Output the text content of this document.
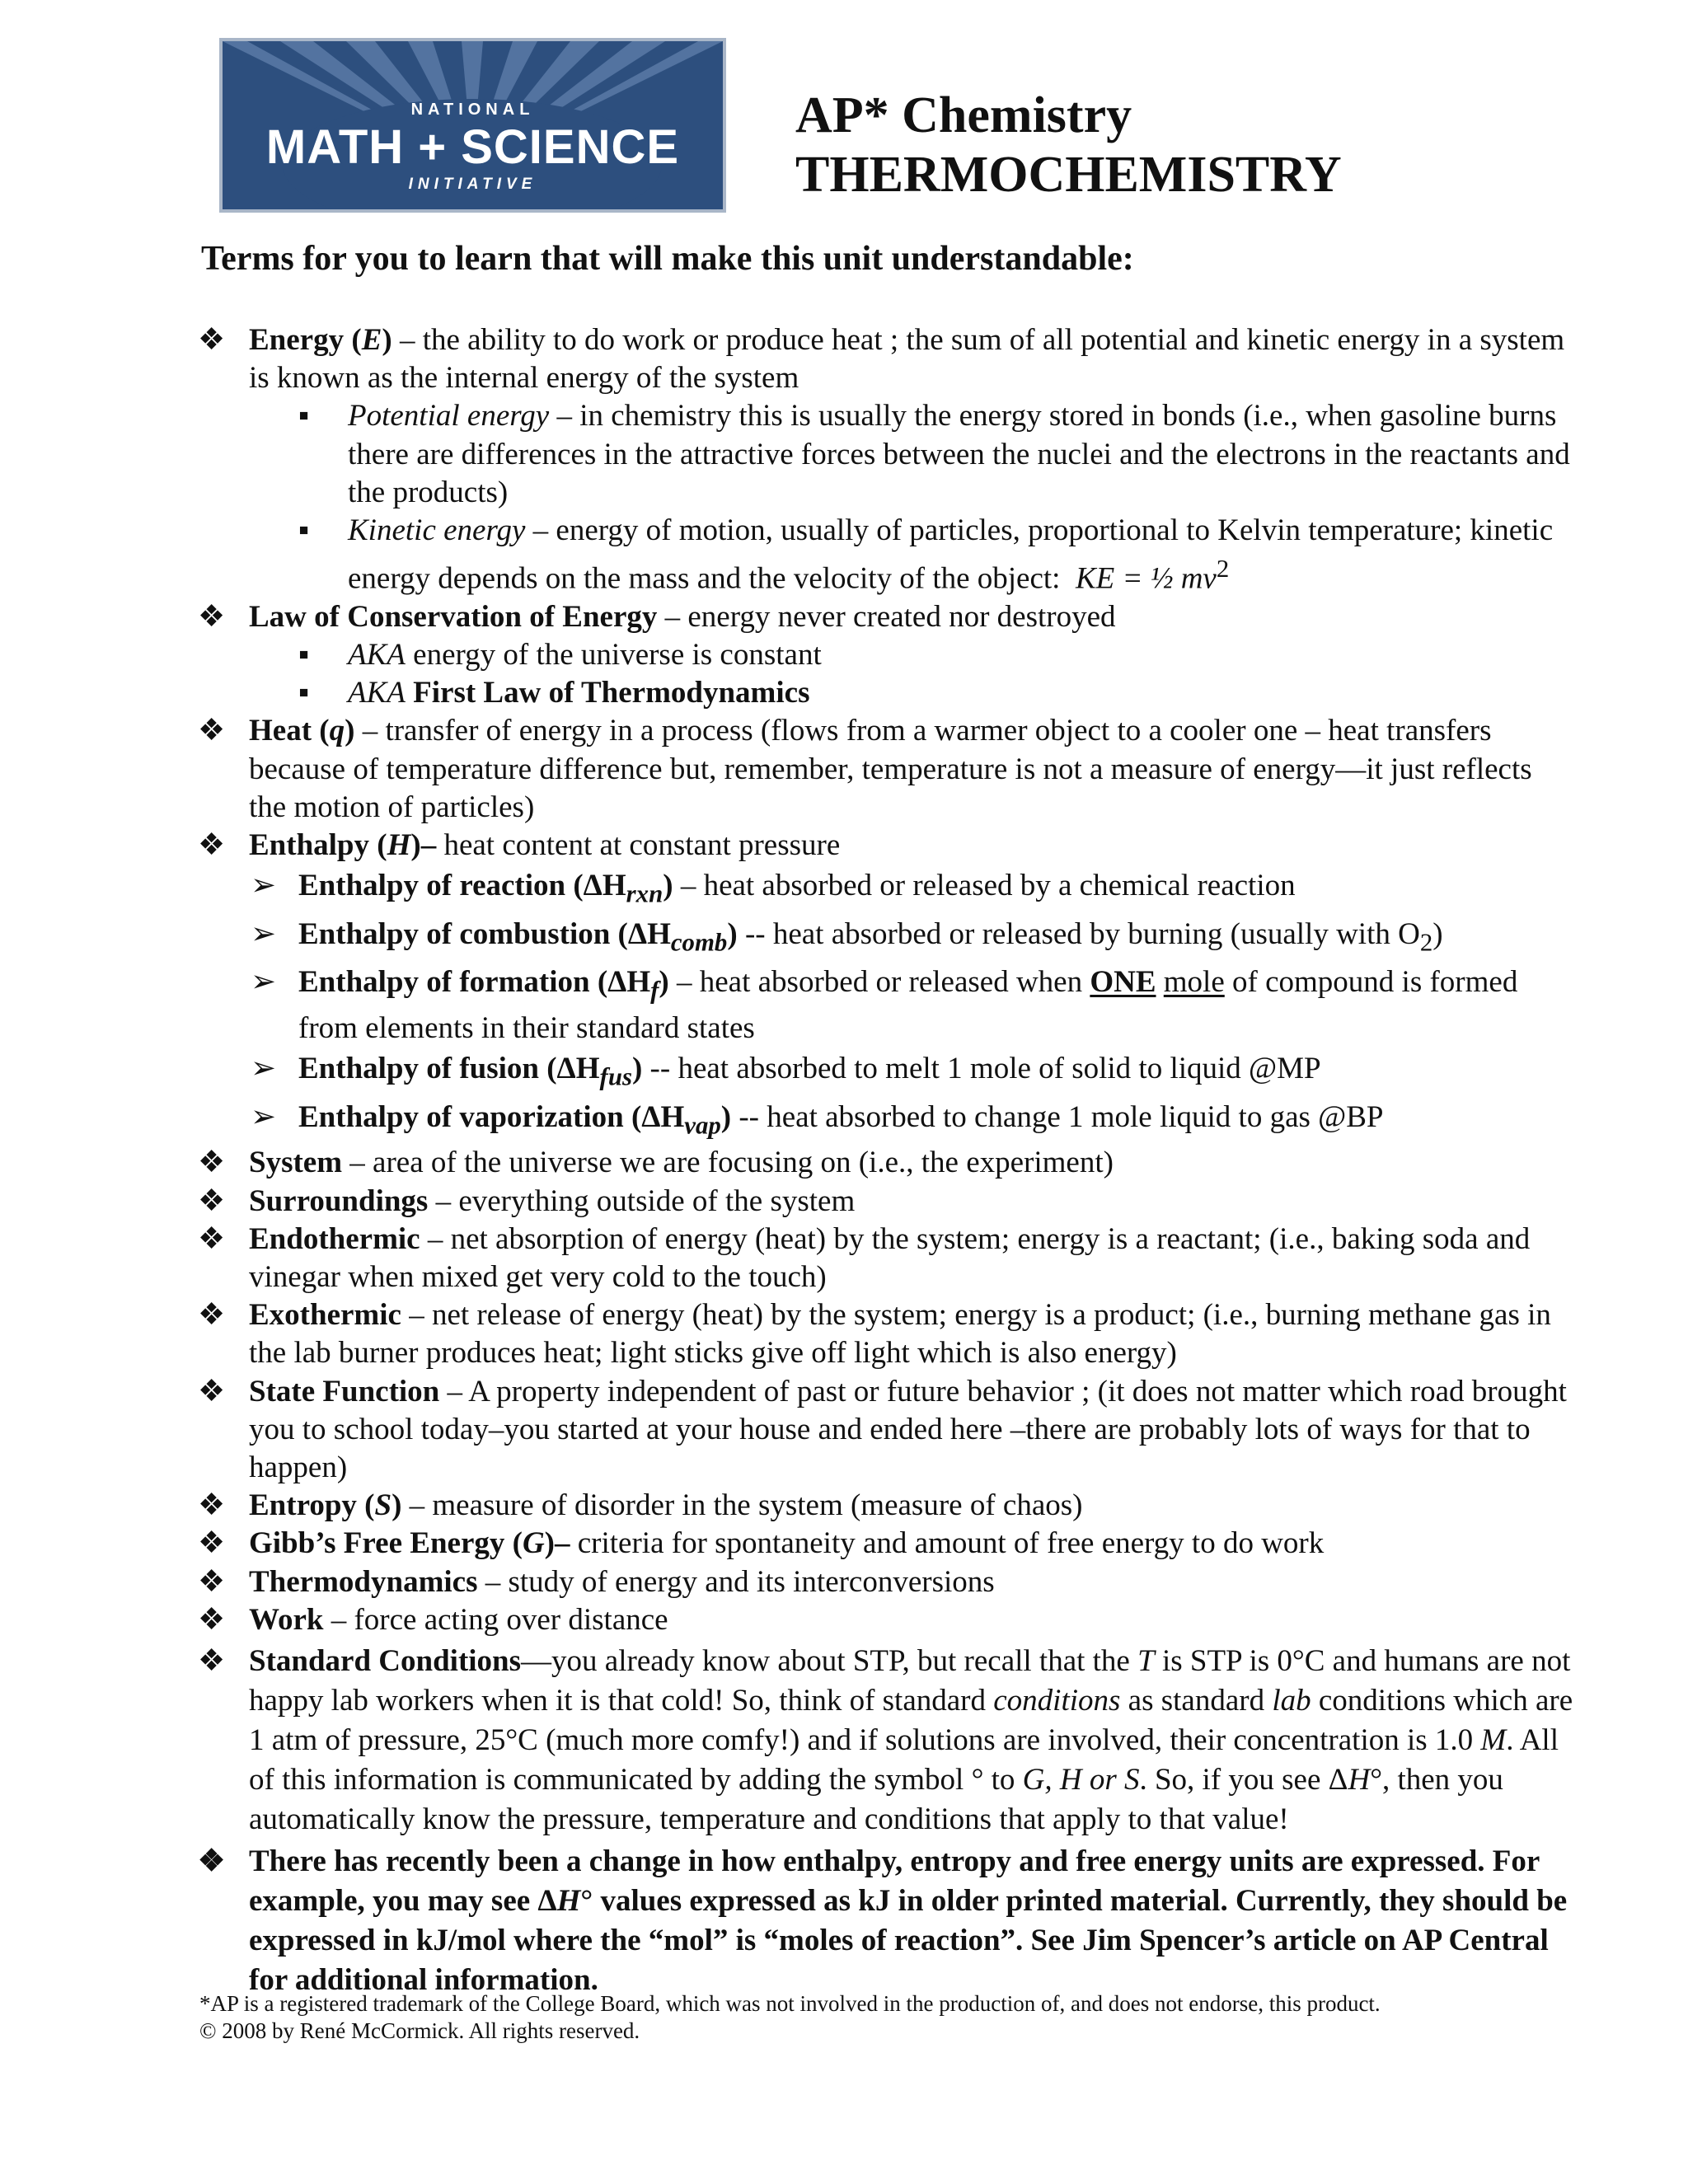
NATIONAL
MATH + SCIENCE
INITIATIVE
AP* Chemistry
THERMOCHEMISTRY
Terms for you to learn that will make this unit understandable:
❖ Energy (E) – the ability to do work or produce heat ; the sum of all potential and kinetic energy in a system is known as the internal energy of the system
▪ Potential energy – in chemistry this is usually the energy stored in bonds (i.e., when gasoline burns there are differences in the attractive forces between the nuclei and the electrons in the reactants and the products)
▪ Kinetic energy – energy of motion, usually of particles, proportional to Kelvin temperature; kinetic energy depends on the mass and the velocity of the object: KE = ½ $mv^2$
❖ Law of Conservation of Energy – energy never created nor destroyed
▪ AKA energy of the universe is constant
▪ AKA First Law of Thermodynamics
❖ Heat (q) – transfer of energy in a process (flows from a warmer object to a cooler one – heat transfers because of temperature difference but, remember, temperature is not a measure of energy—it just reflects the motion of particles)
❖ Enthalpy (H)– heat content at constant pressure
➢ Enthalpy of reaction $(\Delta H_{rxn})$ – heat absorbed or released by a chemical reaction
➢ Enthalpy of combustion $(\Delta H_{comb})$ -- heat absorbed or released by burning (usually with $O_2$)
➢ Enthalpy of formation $(\Delta H_f)$ – heat absorbed or released when ONE mole of compound is formed from elements in their standard states
➢ Enthalpy of fusion $(\Delta H_{fus})$ -- heat absorbed to melt 1 mole of solid to liquid @MP
➢ Enthalpy of vaporization $(\Delta H_{vap})$ -- heat absorbed to change 1 mole liquid to gas @BP
❖ System – area of the universe we are focusing on (i.e., the experiment)
❖ Surroundings – everything outside of the system
❖ Endothermic – net absorption of energy (heat) by the system; energy is a reactant; (i.e., baking soda and vinegar when mixed get very cold to the touch)
❖ Exothermic – net release of energy (heat) by the system; energy is a product; (i.e., burning methane gas in the lab burner produces heat; light sticks give off light which is also energy)
❖ State Function – A property independent of past or future behavior ; (it does not matter which road brought you to school today–you started at your house and ended here –there are probably lots of ways for that to happen)
❖ Entropy (S) – measure of disorder in the system (measure of chaos)
❖ Gibb’s Free Energy (G)– criteria for spontaneity and amount of free energy to do work
❖ Thermodynamics – study of energy and its interconversions
❖ Work – force acting over distance
❖ Standard Conditions—you already know about STP, but recall that the T is STP is 0°C and humans are not happy lab workers when it is that cold! So, think of standard conditions as standard lab conditions which are 1 atm of pressure, 25°C (much more comfy!) and if solutions are involved, their concentration is 1.0 M. All of this information is communicated by adding the symbol ° to G, H or S. So, if you see ΔH°, then you automatically know the pressure, temperature and conditions that apply to that value!
❖ There has recently been a change in how enthalpy, entropy and free energy units are expressed. For example, you may see ΔH° values expressed as kJ in older printed material. Currently, they should be expressed in kJ/mol where the “mol” is “moles of reaction”. See Jim Spencer’s article on AP Central for additional information.
*AP is a registered trademark of the College Board, which was not involved in the production of, and does not endorse, this product.
© 2008 by René McCormick. All rights reserved.
